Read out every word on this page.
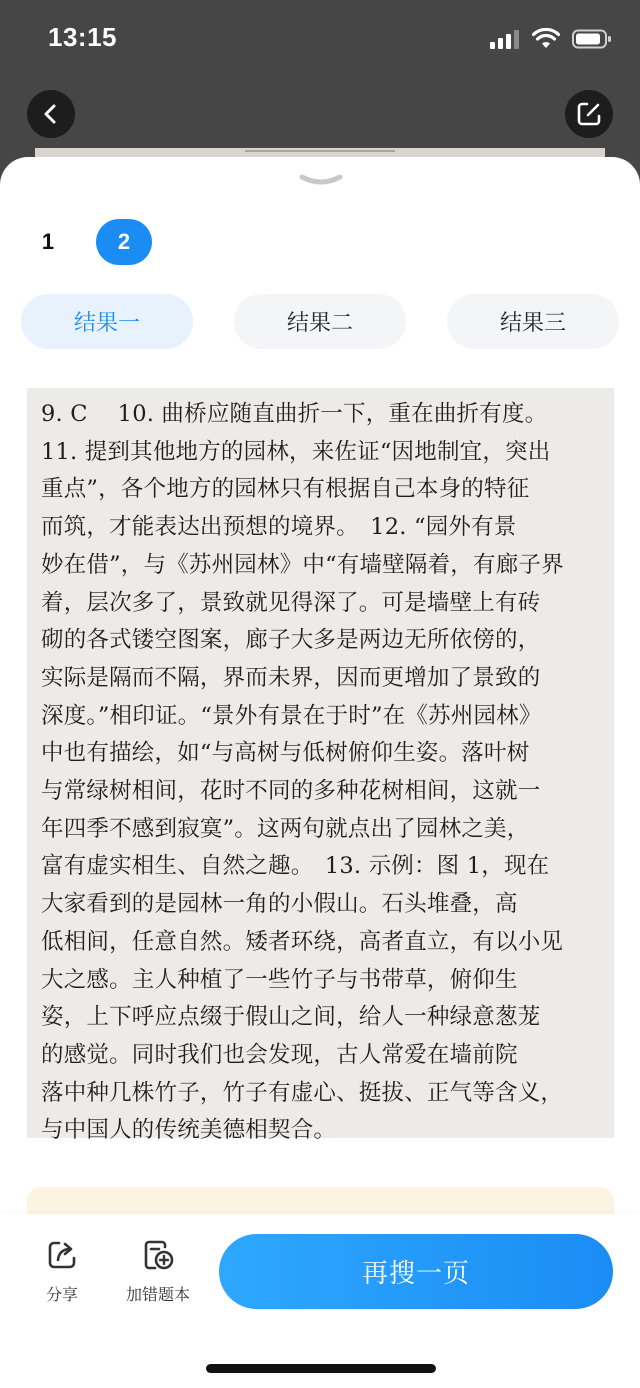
13:15
1	2
结果一	结果二	结果三
9. C　 10. 曲桥应随直曲折一下，重在曲折有度。
11. 提到其他地方的园林，来佐证“因地制宜，突出
重点”，各个地方的园林只有根据自己本身的特征
而筑，才能表达出预想的境界。　12. “园外有景
妙在借”，与《苏州园林》中“有墙壁隔着，有廊子界
着，层次多了，景致就见得深了。可是墙壁上有砖
砌的各式镂空图案，廊子大多是两边无所依傍的，
实际是隔而不隔，界而未界，因而更增加了景致的
深度。”相印证。“景外有景在于时”在《苏州园林》
中也有描绘，如“与高树与低树俯仰生姿。落叶树
与常绿树相间，花时不同的多种花树相间，这就一
年四季不感到寂寞”。这两句就点出了园林之美，
富有虚实相生、自然之趣。　13. 示例：图 1，现在
大家看到的是园林一角的小假山。石头堆叠，高
低相间，任意自然。矮者环绕，高者直立，有以小见
大之感。主人种植了一些竹子与书带草，俯仰生
姿，上下呼应点缀于假山之间，给人一种绿意葱茏
的感觉。同时我们也会发现，古人常爱在墙前院
落中种几株竹子，竹子有虚心、挺拔、正气等含义，
与中国人的传统美德相契合。
分享	加错题本
再搜一页
